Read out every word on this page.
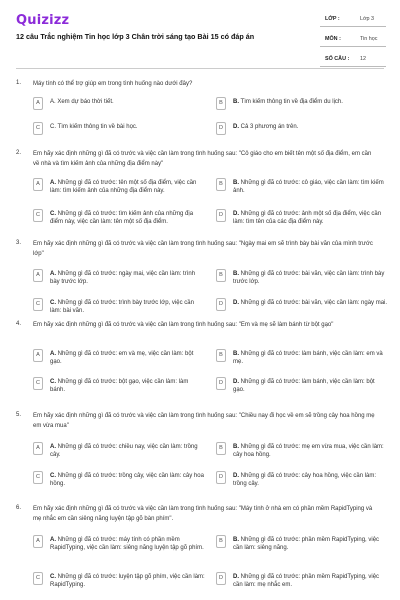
Quizizz
12 câu Trắc nghiệm Tin học lớp 3 Chân trời sáng tạo Bài 15 có đáp án
LỚP :	Lớp 3
MÔN :	Tin học
SỐ CÂU : 12
1. Máy tính có thể trợ giúp em trong tình huống nào dưới đây?
2. Em hãy xác định những gì đã có trước và việc cần làm trong tình huống sau: "Cô giáo cho em biết tên một số địa điểm, em cần về nhà và tìm kiếm ảnh của những địa điểm này"
3. Em hãy xác định những gì đã có trước và việc cần làm trong tình huống sau: "Ngày mai em sẽ trình bày bài văn của mình trước lớp"
4. Em hãy xác định những gì đã có trước và việc cần làm trong tình huống sau: "Em và mẹ sẽ làm bánh từ bột gạo"
5. Em hãy xác định những gì đã có trước và việc cần làm trong tình huống sau: "Chiều nay đi học về em sẽ trồng cây hoa hồng mẹ em vừa mua"
6. Em hãy xác định những gì đã có trước và việc cần làm trong tình huống sau: "Máy tính ở nhà em có phần mềm RapidTyping và mẹ nhắc em cần siêng năng luyện tập gõ bàn phím".
A	A. Xem dự báo thời tiết.	B	B. Tìm kiếm thông tin về địa điểm du lịch.
C	C. Tìm kiếm thông tin về bài học.	D	D. Cả 3 phương án trên.
A	A. Những gì đã có trước: tên một số địa điểm, việc cần làm: tìm kiếm ảnh của những địa điểm này.
B	B. Những gì đã có trước: cô giáo, việc cần làm: tìm kiếm ảnh.
C	C. Những gì đã có trước: tìm kiếm ảnh của những địa điểm này, việc cần làm: tên một số địa điểm.
D	D. Những gì đã có trước: ảnh một số địa điểm, việc cần làm: tìm tên của các địa điểm này.
A	A. Những gì đã có trước: ngày mai, việc cần làm: trình bày trước lớp.
B	B. Những gì đã có trước: bài văn, việc cần làm: trình bày trước lớp.
C	C. Những gì đã có trước: trình bày trước lớp, việc cần làm: bài văn.
D	D. Những gì đã có trước: bài văn, việc cần làm: ngày mai.
A	A. Những gì đã có trước: em và mẹ, việc cần làm: bột gạo.
B	B. Những gì đã có trước: làm bánh, việc cần làm: em và mẹ.
C	C. Những gì đã có trước: bột gạo, việc cần làm: làm bánh.
D	D. Những gì đã có trước: làm bánh, việc cần làm: bột gạo.
A	A. Những gì đã có trước: chiều nay, việc cần làm: trồng cây.
B	B. Những gì đã có trước: mẹ em vừa mua, việc cần làm: cây hoa hồng.
C	C. Những gì đã có trước: trồng cây, việc cần làm: cây hoa hồng.
D	D. Những gì đã có trước: cây hoa hồng, việc cần làm: trồng cây.
A	A. Những gì đã có trước: máy tính có phần mềm RapidTyping, việc cần làm: siêng năng luyện tập gõ phím.
B	B. Những gì đã có trước: phần mềm RapidTyping, việc cần làm: siêng năng.
C	C. Những gì đã có trước: luyện tập gõ phím, việc cần làm: RapidTyping.
D	D. Những gì đã có trước: phần mềm RapidTyping, việc cần làm: mẹ nhắc em.
